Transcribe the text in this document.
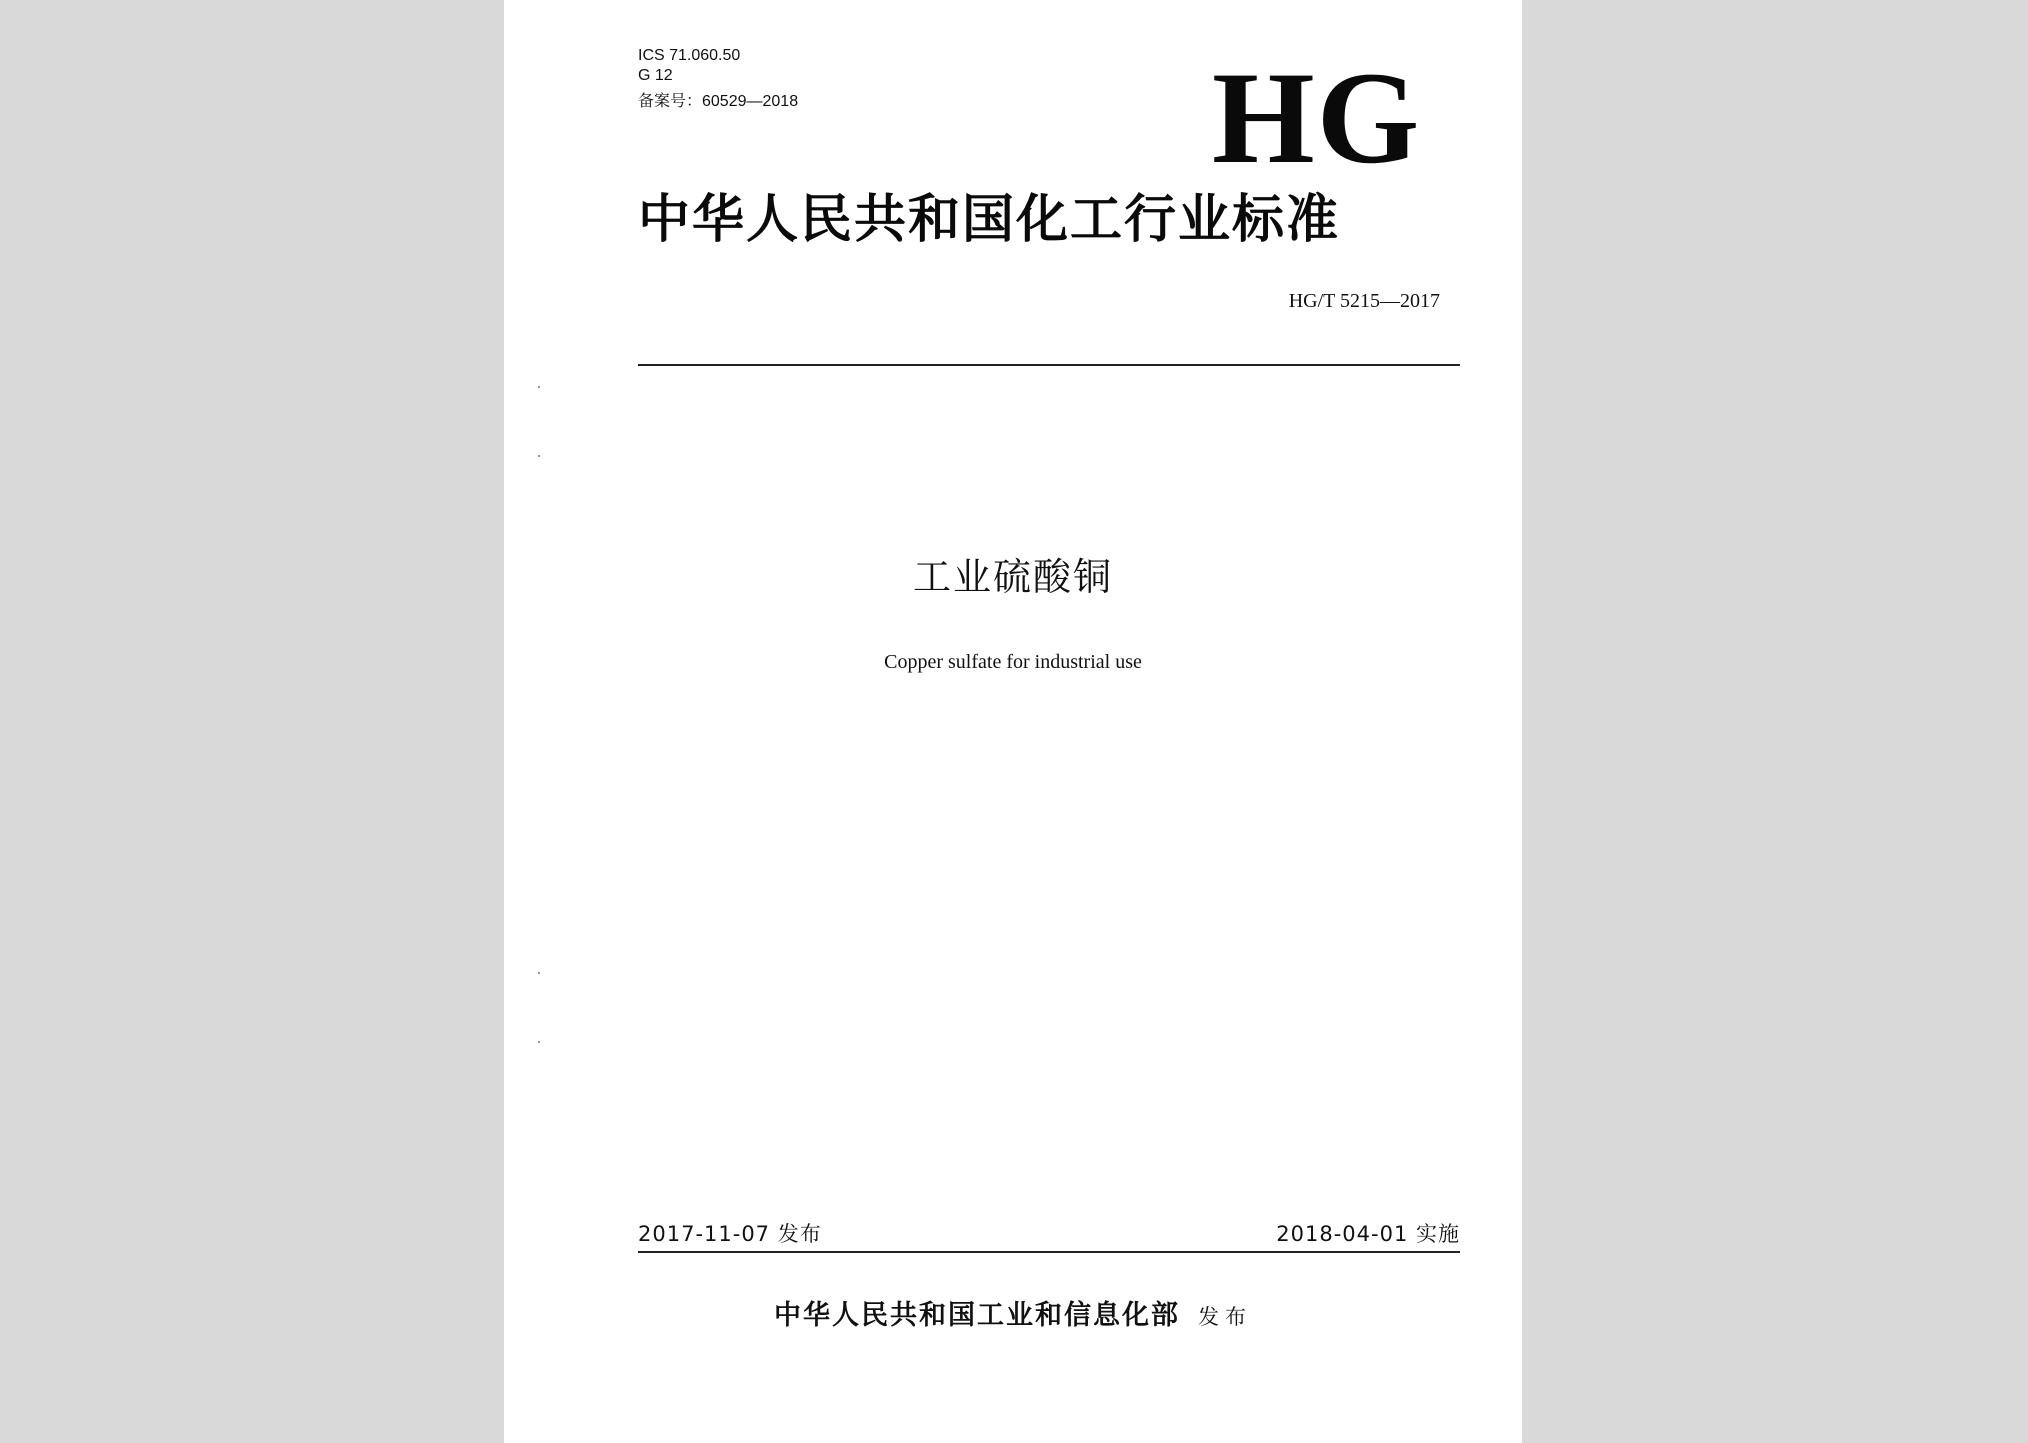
ICS 71.060.50
G 12
备案号：60529—2018	HG
中华人民共和国化工行业标准
HG/T 5215—2017
工业硫酸铜
Copper sulfate for industrial use
2017-11-07 发布	2018-04-01 实施
中华人民共和国工业和信息化部 发布
